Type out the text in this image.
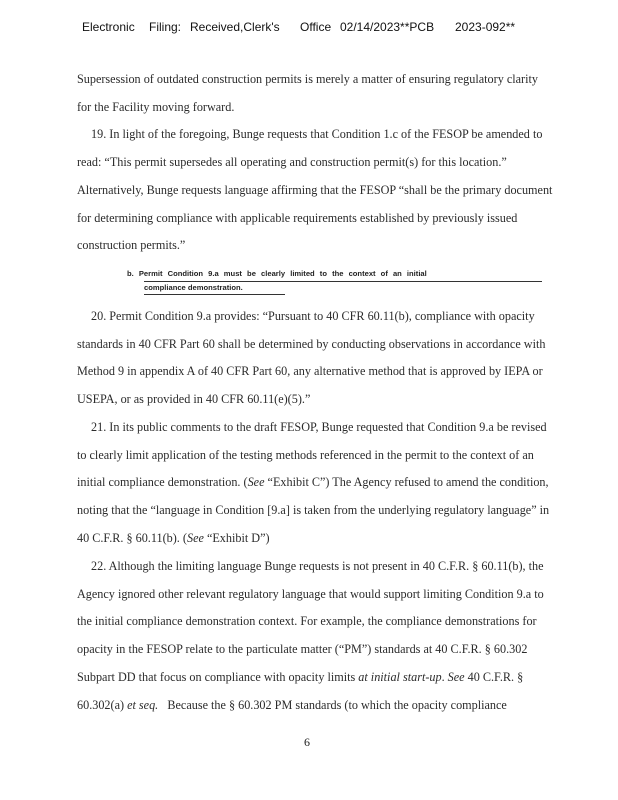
Electronic Filing: Received,Clerk's Office 02/14/2023**PCB 2023-092**
Supersession of outdated construction permits is merely a matter of ensuring regulatory clarity
for the Facility moving forward.
19. In light of the foregoing, Bunge requests that Condition 1.c of the FESOP be amended to
read: “This permit supersedes all operating and construction permit(s) for this location.”
Alternatively, Bunge requests language affirming that the FESOP “shall be the primary document
for determining compliance with applicable requirements established by previously issued
construction permits.”
b. Permit Condition 9.a must be clearly limited to the context of an initial
compliance demonstration.
20. Permit Condition 9.a provides: “Pursuant to 40 CFR 60.11(b), compliance with opacity
standards in 40 CFR Part 60 shall be determined by conducting observations in accordance with
Method 9 in appendix A of 40 CFR Part 60, any alternative method that is approved by IEPA or
USEPA, or as provided in 40 CFR 60.11(e)(5).”
21. In its public comments to the draft FESOP, Bunge requested that Condition 9.a be revised
to clearly limit application of the testing methods referenced in the permit to the context of an
initial compliance demonstration. (See “Exhibit C”) The Agency refused to amend the condition,
noting that the “language in Condition [9.a] is taken from the underlying regulatory language” in
40 C.F.R. § 60.11(b). (See “Exhibit D”)
22. Although the limiting language Bunge requests is not present in 40 C.F.R. § 60.11(b), the
Agency ignored other relevant regulatory language that would support limiting Condition 9.a to
the initial compliance demonstration context. For example, the compliance demonstrations for
opacity in the FESOP relate to the particulate matter (“PM”) standards at 40 C.F.R. § 60.302
Subpart DD that focus on compliance with opacity limits at initial start-up. See 40 C.F.R. §
60.302(a) et seq.   Because the § 60.302 PM standards (to which the opacity compliance
6
